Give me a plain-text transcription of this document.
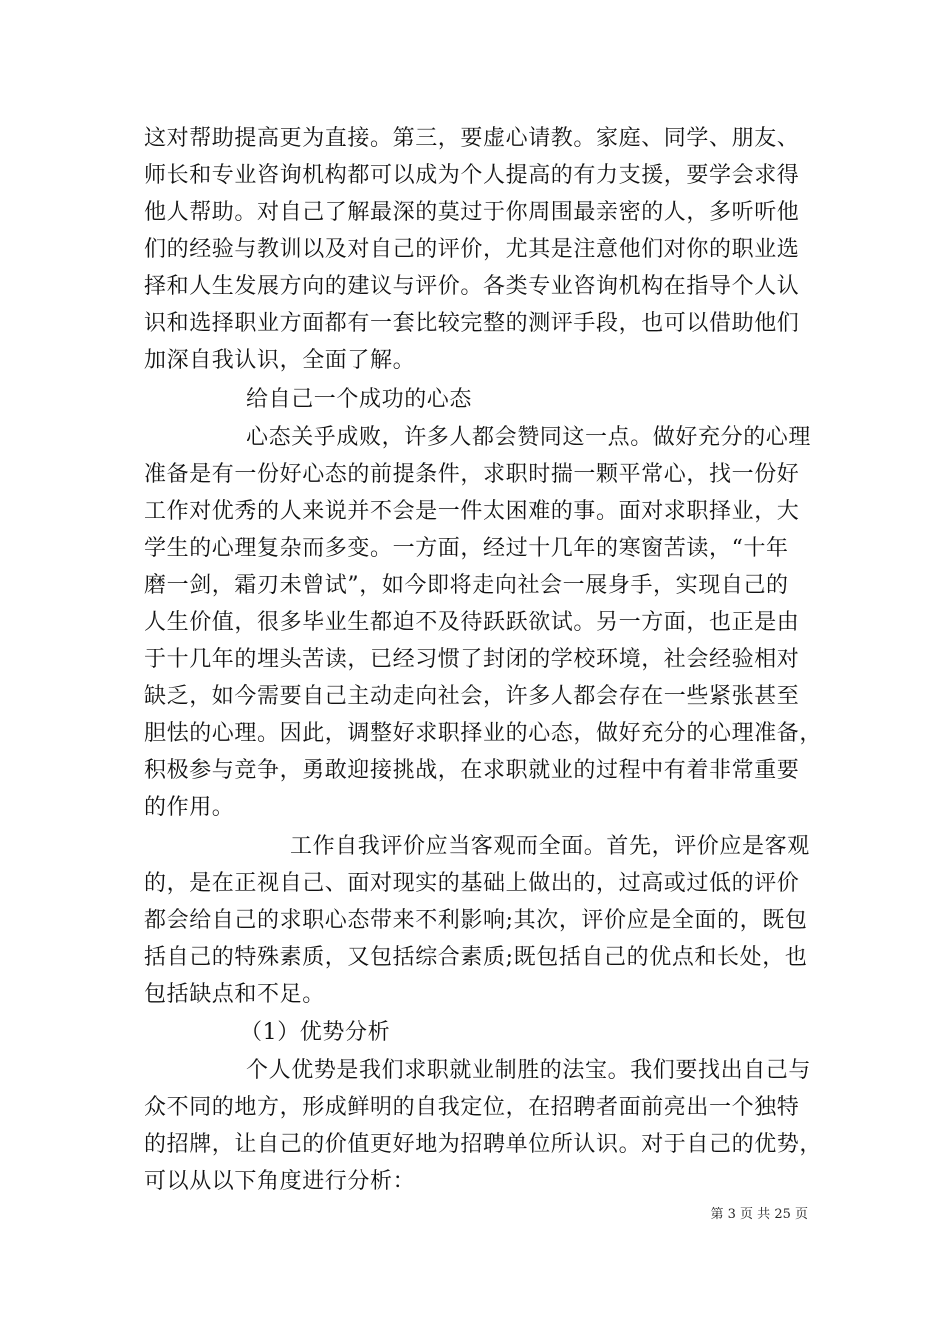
这对帮助提高更为直接。第三，要虚心请教。家庭、同学、朋友、
师长和专业咨询机构都可以成为个人提高的有力支援，要学会求得
他人帮助。对自己了解最深的莫过于你周围最亲密的人，多听听他
们的经验与教训以及对自己的评价，尤其是注意他们对你的职业选
择和人生发展方向的建议与评价。各类专业咨询机构在指导个人认
识和选择职业方面都有一套比较完整的测评手段，也可以借助他们
加深自我认识，全面了解。
给自己一个成功的心态
心态关乎成败，许多人都会赞同这一点。做好充分的心理
准备是有一份好心态的前提条件，求职时揣一颗平常心，找一份好
工作对优秀的人来说并不会是一件太困难的事。面对求职择业，大
学生的心理复杂而多变。一方面，经过十几年的寒窗苦读，“十年
磨一剑，霜刃未曾试”，如今即将走向社会一展身手，实现自己的
人生价值，很多毕业生都迫不及待跃跃欲试。另一方面，也正是由
于十几年的埋头苦读，已经习惯了封闭的学校环境，社会经验相对
缺乏，如今需要自己主动走向社会，许多人都会存在一些紧张甚至
胆怯的心理。因此，调整好求职择业的心态，做好充分的心理准备，
积极参与竞争，勇敢迎接挑战，在求职就业的过程中有着非常重要
的作用。
工作自我评价应当客观而全面。首先，评价应是客观
的，是在正视自己、面对现实的基础上做出的，过高或过低的评价
都会给自己的求职心态带来不利影响;其次，评价应是全面的，既包
括自己的特殊素质，又包括综合素质;既包括自己的优点和长处，也
包括缺点和不足。
（1）优势分析
个人优势是我们求职就业制胜的法宝。我们要找出自己与
众不同的地方，形成鲜明的自我定位，在招聘者面前亮出一个独特
的招牌，让自己的价值更好地为招聘单位所认识。对于自己的优势，
可以从以下角度进行分析：
第 3 页 共 25 页
